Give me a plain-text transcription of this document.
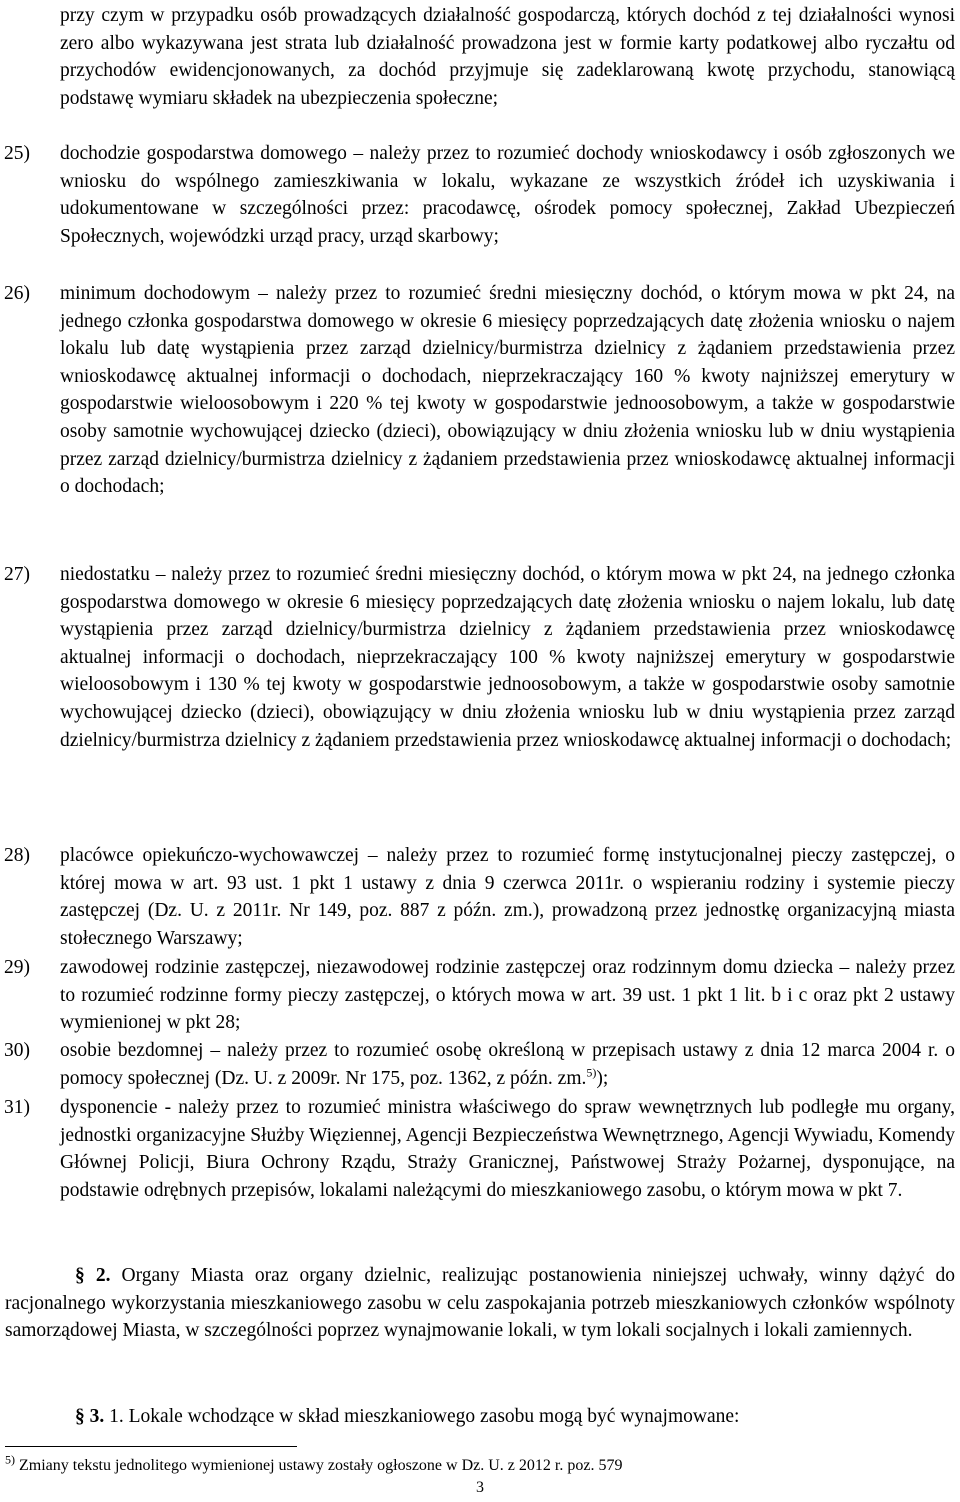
przy czym w przypadku osób prowadzących działalność gospodarczą, których dochód z tej działalności wynosi zero albo wykazywana jest strata lub działalność prowadzona jest w formie karty podatkowej albo ryczałtu od przychodów ewidencjonowanych, za dochód przyjmuje się zadeklarowaną kwotę przychodu, stanowiącą podstawę wymiaru składek na ubezpieczenia społeczne;
25)	dochodzie gospodarstwa domowego – należy przez to rozumieć dochody wnioskodawcy i osób zgłoszonych we wniosku do wspólnego zamieszkiwania w lokalu, wykazane ze wszystkich źródeł ich uzyskiwania i udokumentowane w szczególności przez: pracodawcę, ośrodek pomocy społecznej, Zakład Ubezpieczeń Społecznych, wojewódzki urząd pracy, urząd skarbowy;
26)	minimum dochodowym – należy przez to rozumieć średni miesięczny dochód, o którym mowa w pkt 24, na jednego członka gospodarstwa domowego w okresie 6 miesięcy poprzedzających datę złożenia wniosku o najem lokalu lub datę wystąpienia przez zarząd dzielnicy/burmistrza dzielnicy z żądaniem przedstawienia przez wnioskodawcę aktualnej informacji o dochodach, nieprzekraczający 160 % kwoty najniższej emerytury w gospodarstwie wieloosobowym i 220 % tej kwoty w gospodarstwie jednoosobowym, a także w gospodarstwie osoby samotnie wychowującej dziecko (dzieci), obowiązujący w dniu złożenia wniosku lub w dniu wystąpienia przez zarząd dzielnicy/burmistrza dzielnicy z żądaniem przedstawienia przez wnioskodawcę aktualnej informacji o dochodach;
27)	niedostatku – należy przez to rozumieć średni miesięczny dochód, o którym mowa w pkt 24, na jednego członka gospodarstwa domowego w okresie 6 miesięcy poprzedzających datę złożenia wniosku o najem lokalu, lub datę wystąpienia przez zarząd dzielnicy/burmistrza dzielnicy z żądaniem przedstawienia przez wnioskodawcę aktualnej informacji o dochodach, nieprzekraczający 100 % kwoty najniższej emerytury w gospodarstwie wieloosobowym i 130 % tej kwoty w gospodarstwie jednoosobowym, a także w gospodarstwie osoby samotnie wychowującej dziecko (dzieci), obowiązujący w dniu złożenia wniosku lub w dniu wystąpienia przez zarząd dzielnicy/burmistrza dzielnicy z żądaniem przedstawienia przez wnioskodawcę aktualnej informacji o dochodach;
28)	placówce opiekuńczo-wychowawczej – należy przez to rozumieć formę instytucjonalnej pieczy zastępczej, o której mowa w art. 93 ust. 1 pkt 1 ustawy z dnia 9 czerwca 2011r. o wspieraniu rodziny i systemie pieczy zastępczej (Dz. U. z 2011r. Nr 149, poz. 887 z późn. zm.), prowadzoną przez jednostkę organizacyjną miasta stołecznego Warszawy;
29)	zawodowej rodzinie zastępczej, niezawodowej rodzinie zastępczej oraz rodzinnym domu dziecka – należy przez to rozumieć rodzinne formy pieczy zastępczej, o których mowa w art. 39 ust. 1 pkt 1 lit. b i c oraz pkt 2 ustawy wymienionej w pkt 28;
30)	osobie bezdomnej – należy przez to rozumieć osobę określoną w przepisach ustawy z dnia 12 marca 2004 r. o pomocy społecznej (Dz. U. z 2009r. Nr 175, poz. 1362, z późn. zm.$^{5)}$);
31)	dysponencie - należy przez to rozumieć ministra właściwego do spraw wewnętrznych lub podległe mu organy, jednostki organizacyjne Służby Więziennej, Agencji Bezpieczeństwa Wewnętrznego, Agencji Wywiadu, Komendy Głównej Policji, Biura Ochrony Rządu, Straży Granicznej, Państwowej Straży Pożarnej, dysponujące, na podstawie odrębnych przepisów, lokalami należącymi do mieszkaniowego zasobu, o którym mowa w pkt 7.
§ 2. Organy Miasta oraz organy dzielnic, realizując postanowienia niniejszej uchwały, winny dążyć do racjonalnego wykorzystania mieszkaniowego zasobu w celu zaspokajania potrzeb mieszkaniowych członków wspólnoty samorządowej Miasta, w szczególności poprzez wynajmowanie lokali, w tym lokali socjalnych i lokali zamiennych.
§ 3. 1. Lokale wchodzące w skład mieszkaniowego zasobu mogą być wynajmowane:
$^{5)}$ Zmiany tekstu jednolitego wymienionej ustawy zostały ogłoszone w Dz. U. z 2012 r. poz. 579
3
